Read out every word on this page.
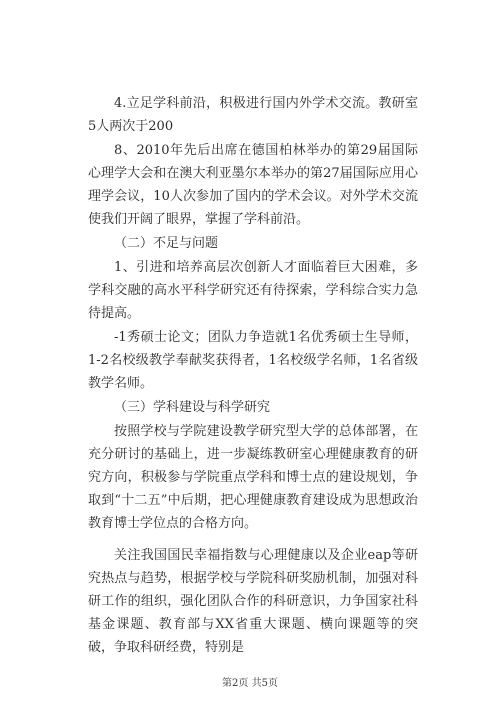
4.立足学科前沿，积极进行国内外学术交流。教研室5人两次于200

8、2010年先后出席在德国柏林举办的第29届国际心理学大会和在澳大利亚墨尔本举办的第27届国际应用心理学会议，10人次参加了国内的学术会议。对外学术交流使我们开阔了眼界，掌握了学科前沿。

（二）不足与问题

1、引进和培养高层次创新人才面临着巨大困难，多学科交融的高水平科学研究还有待探索，学科综合实力急待提高。

-1秀硕士论文；团队力争造就1名优秀硕士生导师，1-2名校级教学奉献奖获得者，1名校级学名师，1名省级教学名师。

（三）学科建设与科学研究

按照学校与学院建设教学研究型大学的总体部署，在充分研讨的基础上，进一步凝练教研室心理健康教育的研究方向，积极参与学院重点学科和博士点的建设规划，争取到“十二五”中后期，把心理健康教育建设成为思想政治教育博士学位点的合格方向。

关注我国国民幸福指数与心理健康以及企业eap等研究热点与趋势，根据学校与学院科研奖励机制，加强对科研工作的组织，强化团队合作的科研意识，力争国家社科基金课题、教育部与XX省重大课题、横向课题等的突破，争取科研经费，特别是

第2页 共5页
